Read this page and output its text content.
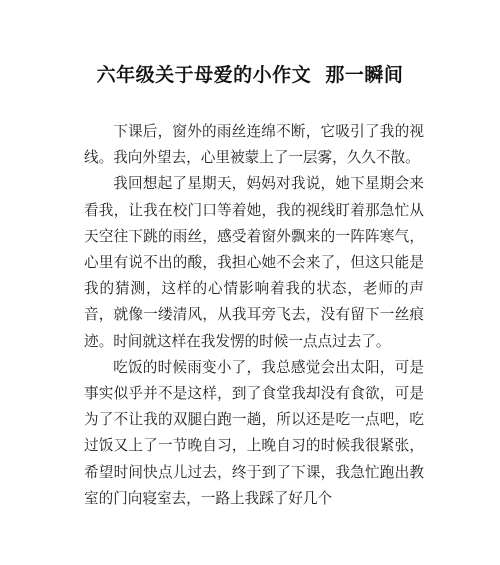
六年级关于母爱的小作文  那一瞬间

下课后，窗外的雨丝连绵不断，它吸引了我的视线。我向外望去，心里被蒙上了一层雾，久久不散。

我回想起了星期天，妈妈对我说，她下星期会来看我，让我在校门口等着她，我的视线盯着那急忙从天空往下跳的雨丝，感受着窗外飘来的一阵阵寒气，心里有说不出的酸，我担心她不会来了，但这只能是我的猜测，这样的心情影响着我的状态，老师的声音，就像一缕清风，从我耳旁飞去，没有留下一丝痕迹。时间就这样在我发愣的时候一点点过去了。

吃饭的时候雨变小了，我总感觉会出太阳，可是事实似乎并不是这样，到了食堂我却没有食欲，可是为了不让我的双腿白跑一趟，所以还是吃一点吧，吃过饭又上了一节晚自习，上晚自习的时候我很紧张，希望时间快点儿过去，终于到了下课，我急忙跑出教室的门向寝室去，一路上我踩了好几个
